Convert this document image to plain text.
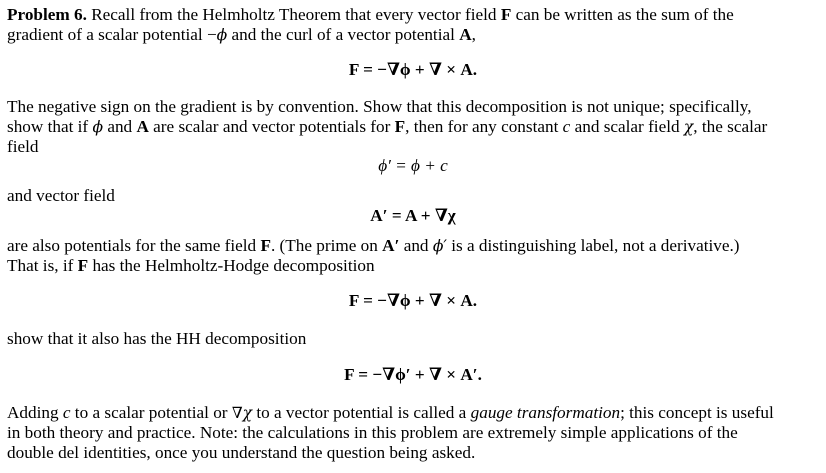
Problem 6. Recall from the Helmholtz Theorem that every vector field F can be written as the sum of the
gradient of a scalar potential −ϕ and the curl of a vector potential A,
F = −∇ϕ + ∇ × A.
The negative sign on the gradient is by convention. Show that this decomposition is not unique; specifically,
show that if ϕ and A are scalar and vector potentials for F, then for any constant c and scalar field χ, the scalar
field
ϕ′ = ϕ + c
and vector field
A′ = A + ∇χ
are also potentials for the same field F. (The prime on A′ and ϕ′ is a distinguishing label, not a derivative.)
That is, if F has the Helmholtz-Hodge decomposition
F = −∇ϕ + ∇ × A.
show that it also has the HH decomposition
F = −∇ϕ′ + ∇ × A′.
Adding c to a scalar potential or ∇χ to a vector potential is called a gauge transformation; this concept is useful
in both theory and practice. Note: the calculations in this problem are extremely simple applications of the
double del identities, once you understand the question being asked.
